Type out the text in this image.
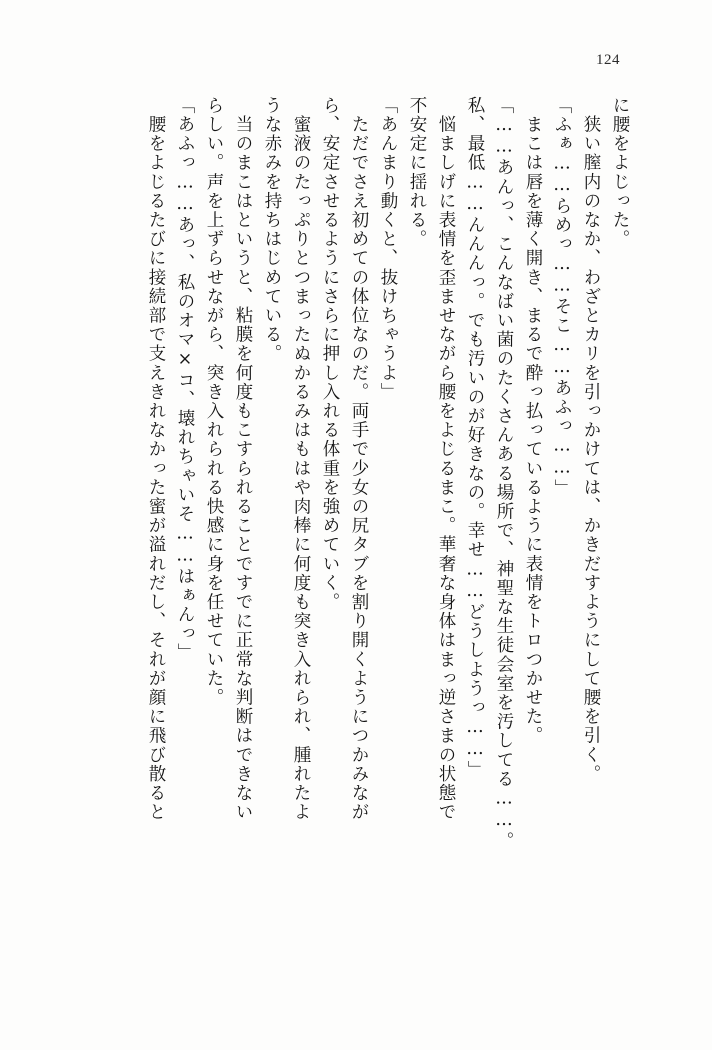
124
に腰をよじった。
　狭い膣内のなか、わざとカリを引っかけては、かきだすようにして腰を引く。
「ふぁ……らめっ……そこ……あふっ……」
　まこは唇を薄く開き、まるで酔っ払っているように表情をトロつかせた。
「……あんっ、こんなばい菌のたくさんある場所で、神聖な生徒会室を汚してる……。
私、最低……んんんっ。でも汚いのが好きなの。幸せ……どうしようっ……」
　悩ましげに表情を歪ませながら腰をよじるまこ。華奢な身体はまっ逆さまの状態で
不安定に揺れる。
「あんまり動くと、抜けちゃうよ」
　ただでさえ初めての体位なのだ。両手で少女の尻タブを割り開くようにつかみなが
ら、安定させるようにさらに押し入れる体重を強めていく。
　蜜液のたっぷりとつまったぬかるみはもはや肉棒に何度も突き入れられ、腫れたよ
うな赤みを持ちはじめている。
　当のまこはというと、粘膜を何度もこすられることですでに正常な判断はできない
らしい。声を上ずらせながら、突き入れられる快感に身を任せていた。
「あふっ……あっ、私のオマ×コ、壊れちゃいそ……はぁんっ」
　腰をよじるたびに接続部で支えきれなかった蜜が溢れだし、それが顔に飛び散ると
